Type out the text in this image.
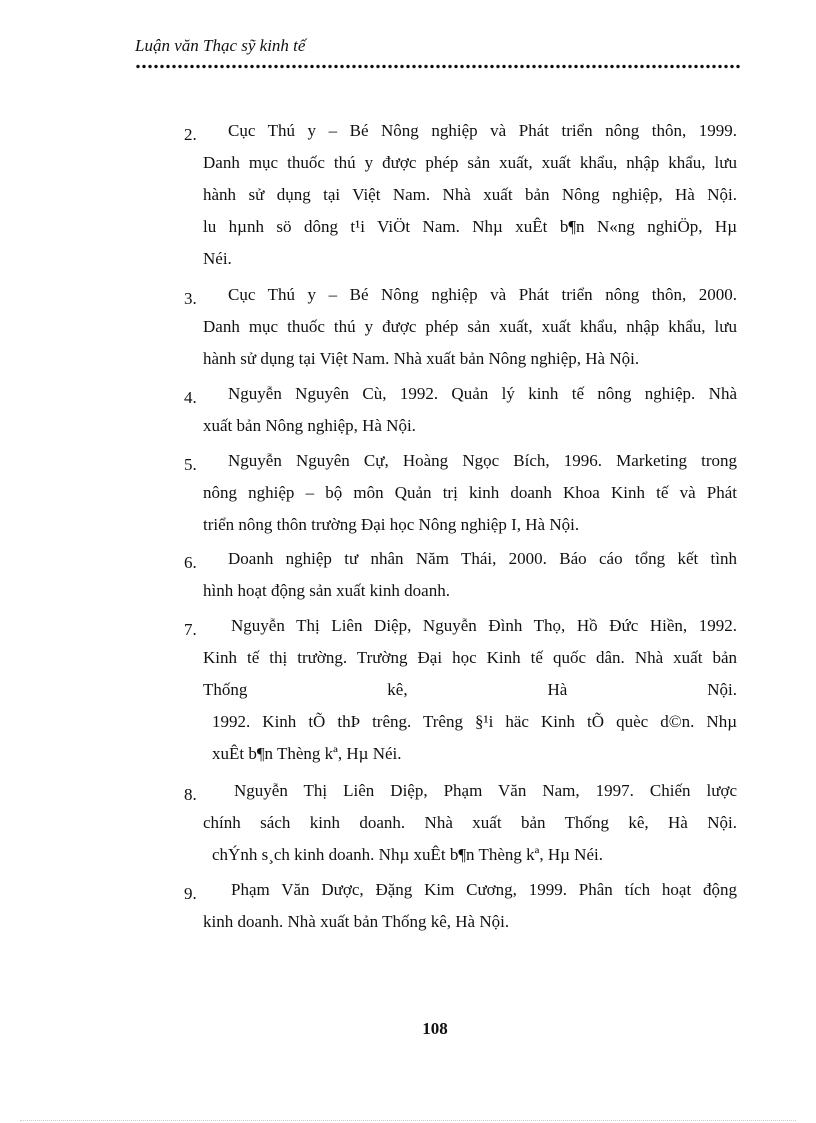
Luận văn Thạc sỹ kinh tế
2. Cục Thú y – Bé Nông nghiệp và Phát triển nông thôn, 1999.
Danh mục thuốc thú y được phép sản xuất, xuất khẩu, nhập khẩu, lưu
hành sử dụng tại Việt Nam. Nhà xuất bản Nông nghiệp, Hà Nội.
lu hµnh sö dông t¹i ViÖt Nam. Nhµ xuÊt b¶n N«ng nghiÖp, Hµ
Néi.
3. Cục Thú y – Bé Nông nghiệp và Phát triển nông thôn, 2000.
Danh mục thuốc thú y được phép sản xuất, xuất khẩu, nhập khẩu, lưu
hành sử dụng tại Việt Nam. Nhà xuất bản Nông nghiệp, Hà Nội.
4. Nguyễn Nguyên Cù, 1992. Quản lý kinh tế nông nghiệp. Nhà
xuất bản Nông nghiệp, Hà Nội.
5. Nguyễn Nguyên Cự, Hoàng Ngọc Bích, 1996. Marketing trong
nông nghiệp – bộ môn Quản trị kinh doanh Khoa Kinh tế và Phát
triển nông thôn trường Đại học Nông nghiệp I, Hà Nội.
6. Doanh nghiệp tư nhân Năm Thái, 2000. Báo cáo tổng kết tình
hình hoạt động sản xuất kinh doanh.
7. Nguyễn Thị Liên Diệp, Nguyễn Đình Thọ, Hồ Đức Hiền, 1992.
Kinh tế thị trường. Trường Đại học Kinh tế quốc dân. Nhà xuất bản
Thống kê, Hà Nội.
1992. Kinh tÕ thÞ trêng. Trêng §¹i häc Kinh tÕ quèc d©n. Nhµ
xuÊt b¶n Thèng kª, Hµ Néi.
8. Nguyễn Thị Liên Diệp, Phạm Văn Nam, 1997. Chiến lược
chính sách kinh doanh. Nhà xuất bản Thống kê, Hà Nội.
chÝnh s¸ch kinh doanh. Nhµ xuÊt b¶n Thèng kª, Hµ Néi.
9. Phạm Văn Dược, Đặng Kim Cương, 1999. Phân tích hoạt động
kinh doanh. Nhà xuất bản Thống kê, Hà Nội.
108
